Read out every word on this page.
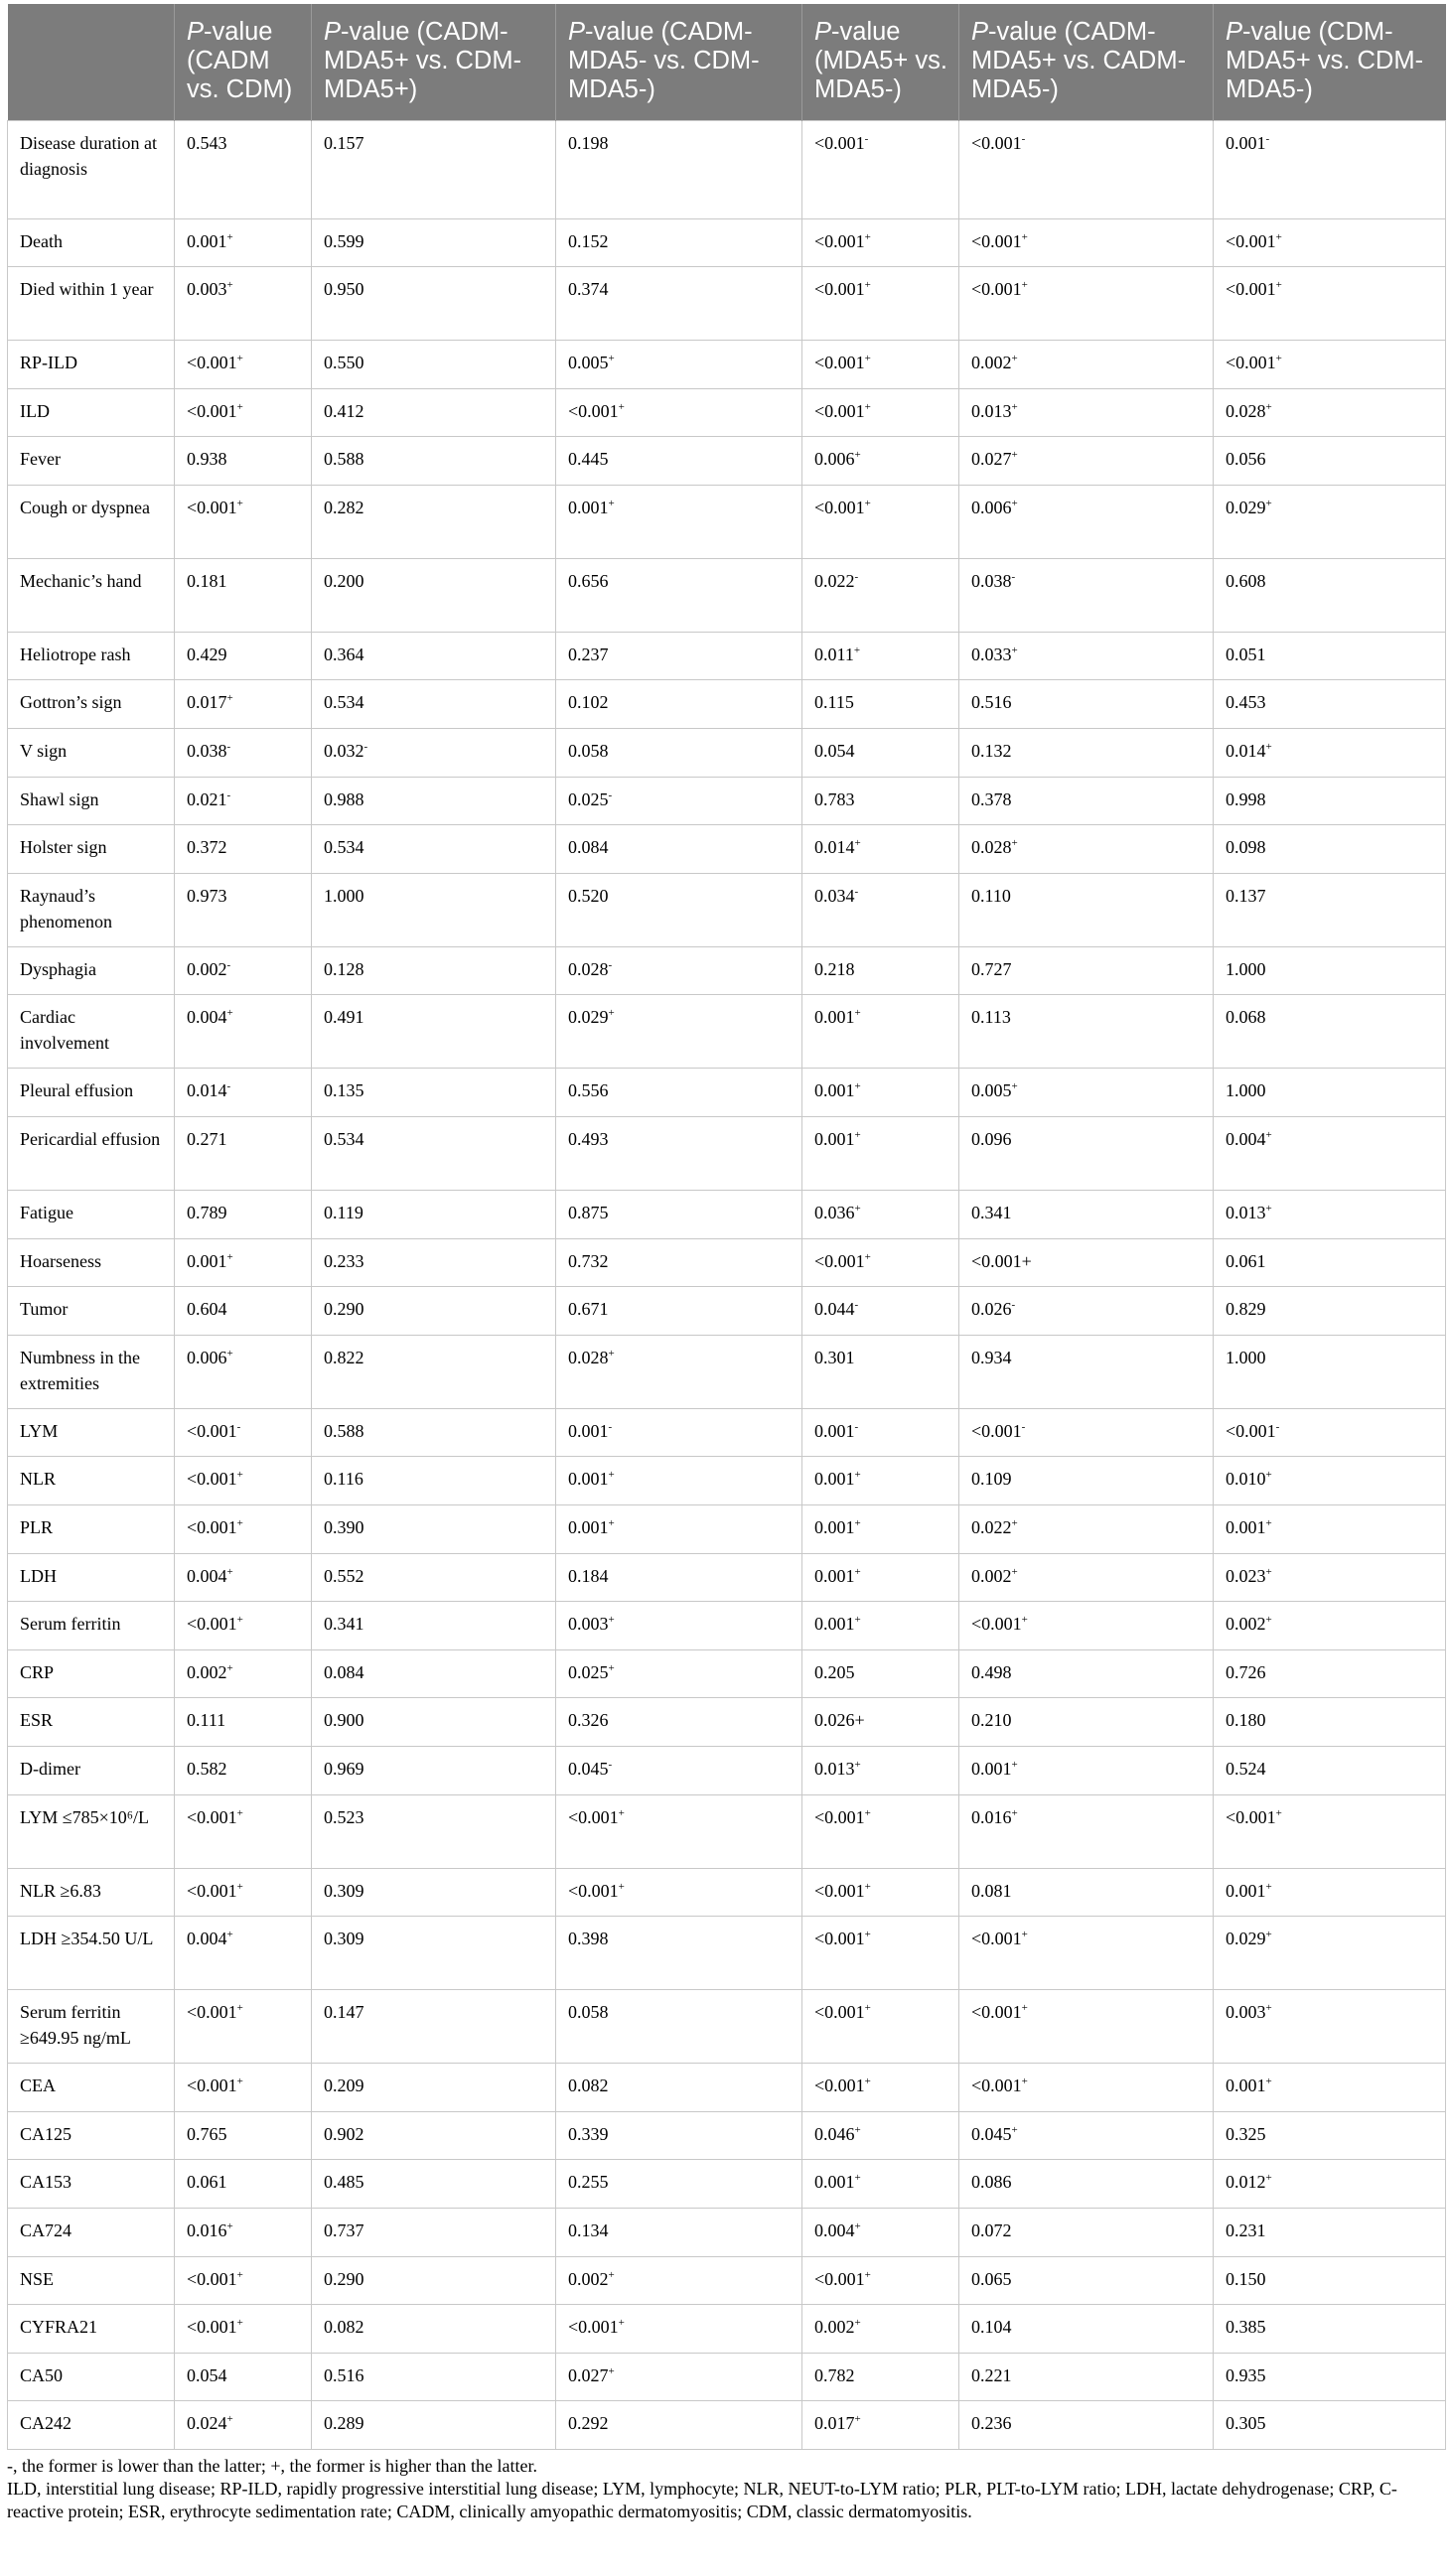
	P-value (CADM vs. CDM)	P-value (CADM-MDA5+ vs. CDM-MDA5+)	P-value (CADM-MDA5- vs. CDM-MDA5-)	P-value (MDA5+ vs. MDA5-)	P-value (CADM-MDA5+ vs. CADM-MDA5-)	P-value (CDM-MDA5+ vs. CDM-MDA5-)
Disease duration at diagnosis	0.543	0.157	0.198	<0.001-	<0.001-	0.001-
Death	0.001+	0.599	0.152	<0.001+	<0.001+	<0.001+
Died within 1 year	0.003+	0.950	0.374	<0.001+	<0.001+	<0.001+
RP-ILD	<0.001+	0.550	0.005+	<0.001+	0.002+	<0.001+
ILD	<0.001+	0.412	<0.001+	<0.001+	0.013+	0.028+
Fever	0.938	0.588	0.445	0.006+	0.027+	0.056
Cough or dyspnea	<0.001+	0.282	0.001+	<0.001+	0.006+	0.029+
Mechanic’s hand	0.181	0.200	0.656	0.022-	0.038-	0.608
Heliotrope rash	0.429	0.364	0.237	0.011+	0.033+	0.051
Gottron’s sign	0.017+	0.534	0.102	0.115	0.516	0.453
V sign	0.038-	0.032-	0.058	0.054	0.132	0.014+
Shawl sign	0.021-	0.988	0.025-	0.783	0.378	0.998
Holster sign	0.372	0.534	0.084	0.014+	0.028+	0.098
Raynaud’s phenomenon	0.973	1.000	0.520	0.034-	0.110	0.137
Dysphagia	0.002-	0.128	0.028-	0.218	0.727	1.000
Cardiac involvement	0.004+	0.491	0.029+	0.001+	0.113	0.068
Pleural effusion	0.014-	0.135	0.556	0.001+	0.005+	1.000
Pericardial effusion	0.271	0.534	0.493	0.001+	0.096	0.004+
Fatigue	0.789	0.119	0.875	0.036+	0.341	0.013+
Hoarseness	0.001+	0.233	0.732	<0.001+	<0.001+	0.061
Tumor	0.604	0.290	0.671	0.044-	0.026-	0.829
Numbness in the extremities	0.006+	0.822	0.028+	0.301	0.934	1.000
LYM	<0.001-	0.588	0.001-	0.001-	<0.001-	<0.001-
NLR	<0.001+	0.116	0.001+	0.001+	0.109	0.010+
PLR	<0.001+	0.390	0.001+	0.001+	0.022+	0.001+
LDH	0.004+	0.552	0.184	0.001+	0.002+	0.023+
Serum ferritin	<0.001+	0.341	0.003+	0.001+	<0.001+	0.002+
CRP	0.002+	0.084	0.025+	0.205	0.498	0.726
ESR	0.111	0.900	0.326	0.026+	0.210	0.180
D-dimer	0.582	0.969	0.045-	0.013+	0.001+	0.524
LYM ≤785×10⁶/L	<0.001+	0.523	<0.001+	<0.001+	0.016+	<0.001+
NLR ≥6.83	<0.001+	0.309	<0.001+	<0.001+	0.081	0.001+
LDH ≥354.50 U/L	0.004+	0.309	0.398	<0.001+	<0.001+	0.029+
Serum ferritin ≥649.95 ng/mL	<0.001+	0.147	0.058	<0.001+	<0.001+	0.003+
CEA	<0.001+	0.209	0.082	<0.001+	<0.001+	0.001+
CA125	0.765	0.902	0.339	0.046+	0.045+	0.325
CA153	0.061	0.485	0.255	0.001+	0.086	0.012+
CA724	0.016+	0.737	0.134	0.004+	0.072	0.231
NSE	<0.001+	0.290	0.002+	<0.001+	0.065	0.150
CYFRA21	<0.001+	0.082	<0.001+	0.002+	0.104	0.385
CA50	0.054	0.516	0.027+	0.782	0.221	0.935
CA242	0.024+	0.289	0.292	0.017+	0.236	0.305
-, the former is lower than the latter; +, the former is higher than the latter.
ILD, interstitial lung disease; RP-ILD, rapidly progressive interstitial lung disease; LYM, lymphocyte; NLR, NEUT-to-LYM ratio; PLR, PLT-to-LYM ratio; LDH, lactate dehydrogenase; CRP, C-reactive protein; ESR, erythrocyte sedimentation rate; CADM, clinically amyopathic dermatomyositis; CDM, classic dermatomyositis.
